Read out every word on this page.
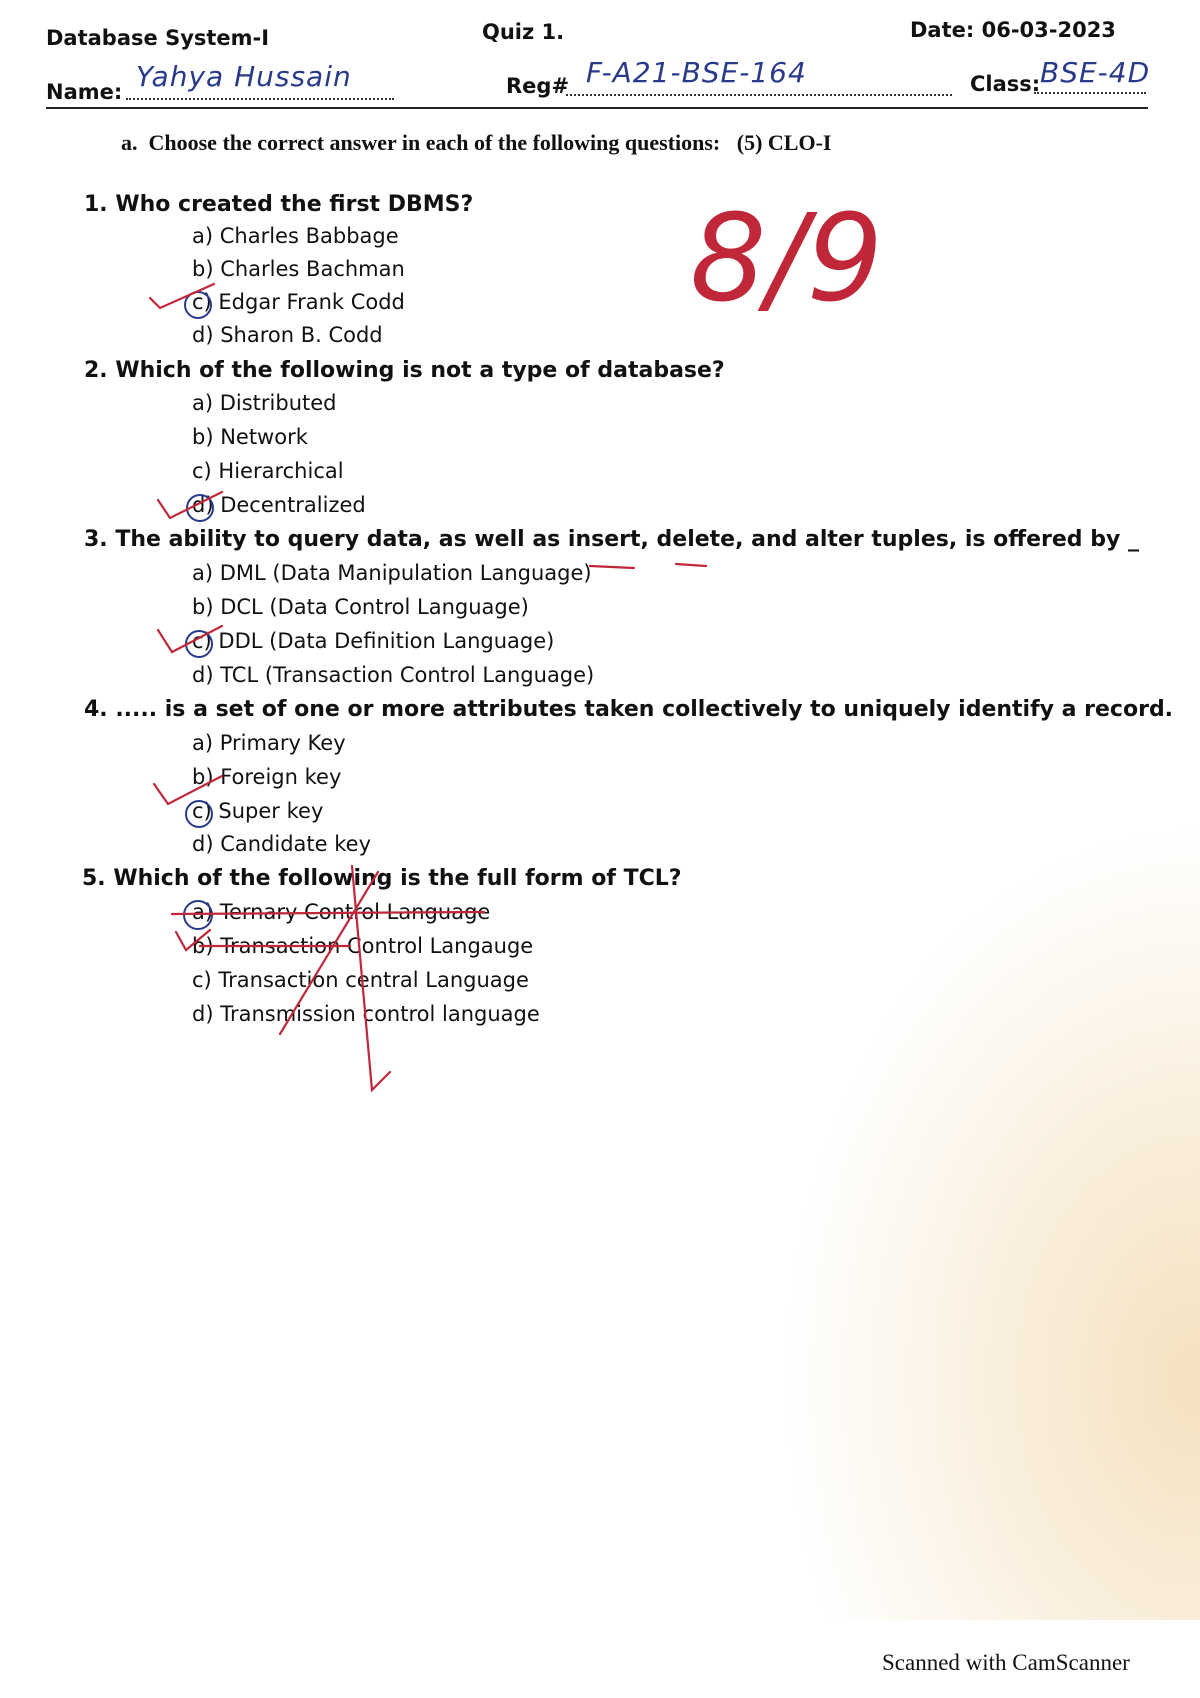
Database System-I	Quiz 1.	Date: 06-03-2023
Name: Yahya Hussain	Reg# F-A21-BSE-164	Class: BSE-4D
a.  Choose the correct answer in each of the following questions:   (5) CLO-I
1. Who created the first DBMS?
a) Charles Babbage
b) Charles Bachman
c) Edgar Frank Codd
d) Sharon B. Codd
2. Which of the following is not a type of database?
a) Distributed
b) Network
c) Hierarchical
d) Decentralized
3. The ability to query data, as well as insert, delete, and alter tuples, is offered by _
a) DML (Data Manipulation Language)
b) DCL (Data Control Language)
c) DDL (Data Definition Language)
d) TCL (Transaction Control Language)
4. ..... is a set of one or more attributes taken collectively to uniquely identify a record.
a) Primary Key
b) Foreign key
c) Super key
d) Candidate key
5. Which of the following is the full form of TCL?
a) Ternary Control Language
b) Transaction Control Langauge
c) Transaction central Language
d) Transmission control language
Scanned with CamScanner
8/9
